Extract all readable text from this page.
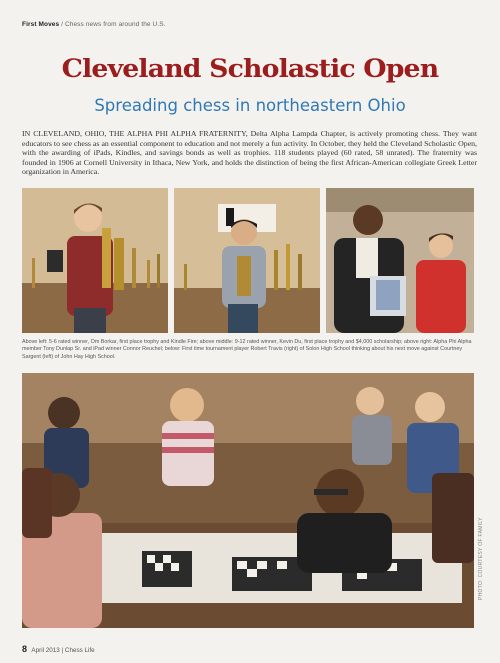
First Moves / Chess news from around the U.S.
Cleveland Scholastic Open
Spreading chess in northeastern Ohio
IN CLEVELAND, OHIO, THE ALPHA PHI ALPHA FRATERNITY, Delta Alpha Lampda Chapter, is actively promoting chess. They want educators to see chess as an essential component to education and not merely a fun activity. In October, they held the Cleveland Scholastic Open, with the awarding of iPads, Kindles, and savings bonds as well as trophies. 118 students played (60 rated, 58 unrated). The fraternity was founded in 1906 at Cornell University in Ithaca, New York, and holds the distinction of being the first African-American collegiate Greek Letter organization in America.
Above left: 5-6 rated winner, Om Borkar, first place trophy and Kindle Fire; above middle: 9-12 rated winner, Kevin Du, first place trophy and $4,000 scholarship; above right: Alpha Phi Alpha member Tony Dunlap Sr. and iPad winner Connor Reuchel; below: First time tournament player Robert Travis (right) of Solon High School thinking about his next move against Courtney Sargent (left) of John Hay High School.
PHOTO: COURTESY OF FAMILY
8 April 2013 | Chess Life
